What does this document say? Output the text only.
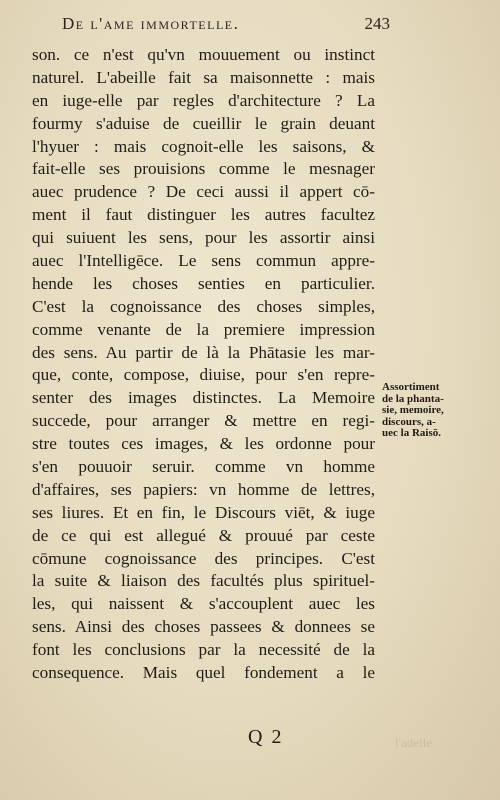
De l'ame immortelle.	243
son. ce n'est qu'vn mouuement ou instinct
naturel. L'abeille fait sa maisonnette : mais
en iuge-elle par regles d'architecture ? La
fourmy s'aduise de cueillir le grain deuant
l'hyuer : mais cognoit-elle les saisons, &
fait-elle ses prouisions comme le mesnager
auec prudence ? De ceci aussi il appert cō-
ment il faut distinguer les autres facultez
qui suiuent les sens, pour les assortir ainsi
auec l'Intelligēce. Le sens commun appre-
hende les choses senties en particulier.
C'est la cognoissance des choses simples,
comme venante de la premiere impression
des sens. Au partir de là la Phātasie les mar-
que, conte, compose, diuise, pour s'en repre-
senter des images distinctes. La Memoire
succede, pour arranger & mettre en regi-
stre toutes ces images, & les ordonne pour
s'en pouuoir seruir. comme vn homme
d'affaires, ses papiers: vn homme de lettres,
ses liures. Et en fin, le Discours viēt, & iuge
de ce qui est allegué & prouué par ceste
cōmune cognoissance des principes. C'est
la suite & liaison des facultés plus spirituel-
les, qui naissent & s'accouplent auec les
sens. Ainsi des choses passees & donnees se
font les conclusions par la necessité de la
consequence. Mais quel fondement a le
Assortiment
de la phanta-
sie, memoire,
discours, a-
uec la Raisō.
Q 2	l'adelle
